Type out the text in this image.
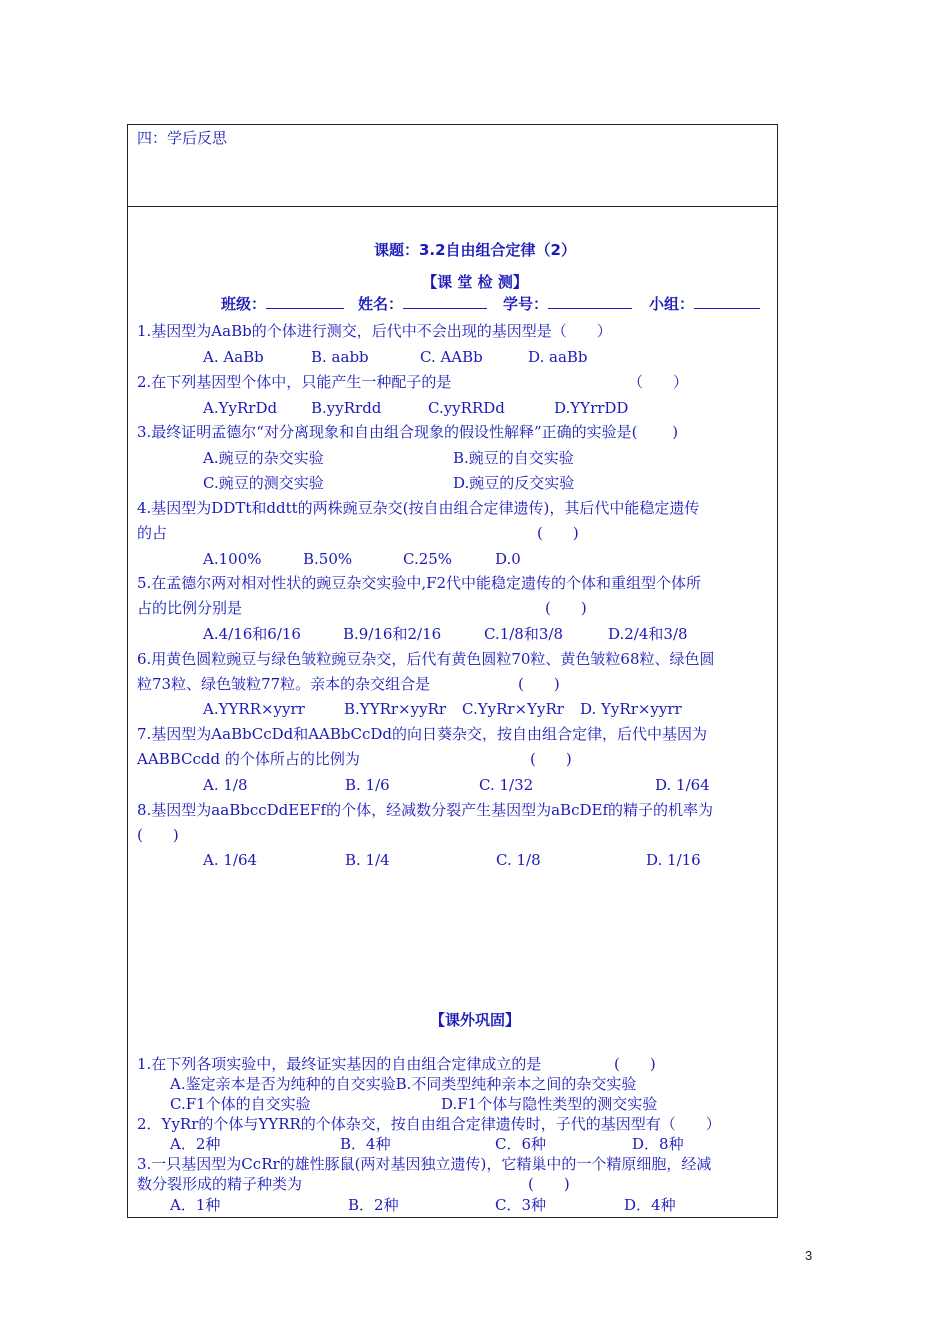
四：学后反思
课题：3.2自由组合定律（2）
【课 堂 检 测】
班级：	姓名：	学号：	小组：
1.基因型为AaBb的个体进行测交，后代中不会出现的基因型是（　　）
A. AaBb	B. aabb	C. AABb	D. aaBb
2.在下列基因型个体中，只能产生一种配子的是	（　　）
A.YyRrDd B.yyRrdd	C.yyRRDd	D.YYrrDD
3.最终证明孟德尔“对分离现象和自由组合现象的假设性解释”正确的实验是(　　 )
A.豌豆的杂交实验	B.豌豆的自交实验
C.豌豆的测交实验	D.豌豆的反交实验
4.基因型为DDTt和ddtt的两株豌豆杂交(按自由组合定律遗传)，其后代中能稳定遗传
的占	(　　)
A.100%	B.50%	C.25%	D.0
5.在孟德尔两对相对性状的豌豆杂交实验中,F2代中能稳定遗传的个体和重组型个体所
占的比例分别是	(　　)
A.4/16和6/16	B.9/16和2/16	C.1/8和3/8	D.2/4和3/8
6.用黄色圆粒豌豆与绿色皱粒豌豆杂交，后代有黄色圆粒70粒、黄色皱粒68粒、绿色圆
粒73粒、绿色皱粒77粒。亲本的杂交组合是	(　　)
A.YYRR×yyrr	B.YYRr×yyRr C.YyRr×YyRr D. YyRr×yyrr
7.基因型为AaBbCcDd和AABbCcDd的向日葵杂交，按自由组合定律，后代中基因为
AABBCcdd 的个体所占的比例为	(　　)
A. 1/8	B. 1/6	C. 1/32	D. 1/64
8.基因型为aaBbccDdEEFf的个体，经减数分裂产生基因型为aBcDEf的精子的机率为
(　　)
A. 1/64	B. 1/4	C. 1/8	D. 1/16
【课外巩固】
1.在下列各项实验中，最终证实基因的自由组合定律成立的是	(　　)
A.鉴定亲本是否为纯种的自交实验B.不同类型纯种亲本之间的杂交实验
C.F1个体的自交实验	D.F1个体与隐性类型的测交实验
2．YyRr的个体与YYRR的个体杂交，按自由组合定律遗传时，子代的基因型有（　　）
A．2种	B．4种	C．6种	D．8种
3.一只基因型为CcRr的雄性豚鼠(两对基因独立遗传)，它精巢中的一个精原细胞，经减
数分裂形成的精子种类为	(　　)
A．1种	B．2种	C．3种	D．4种
3
